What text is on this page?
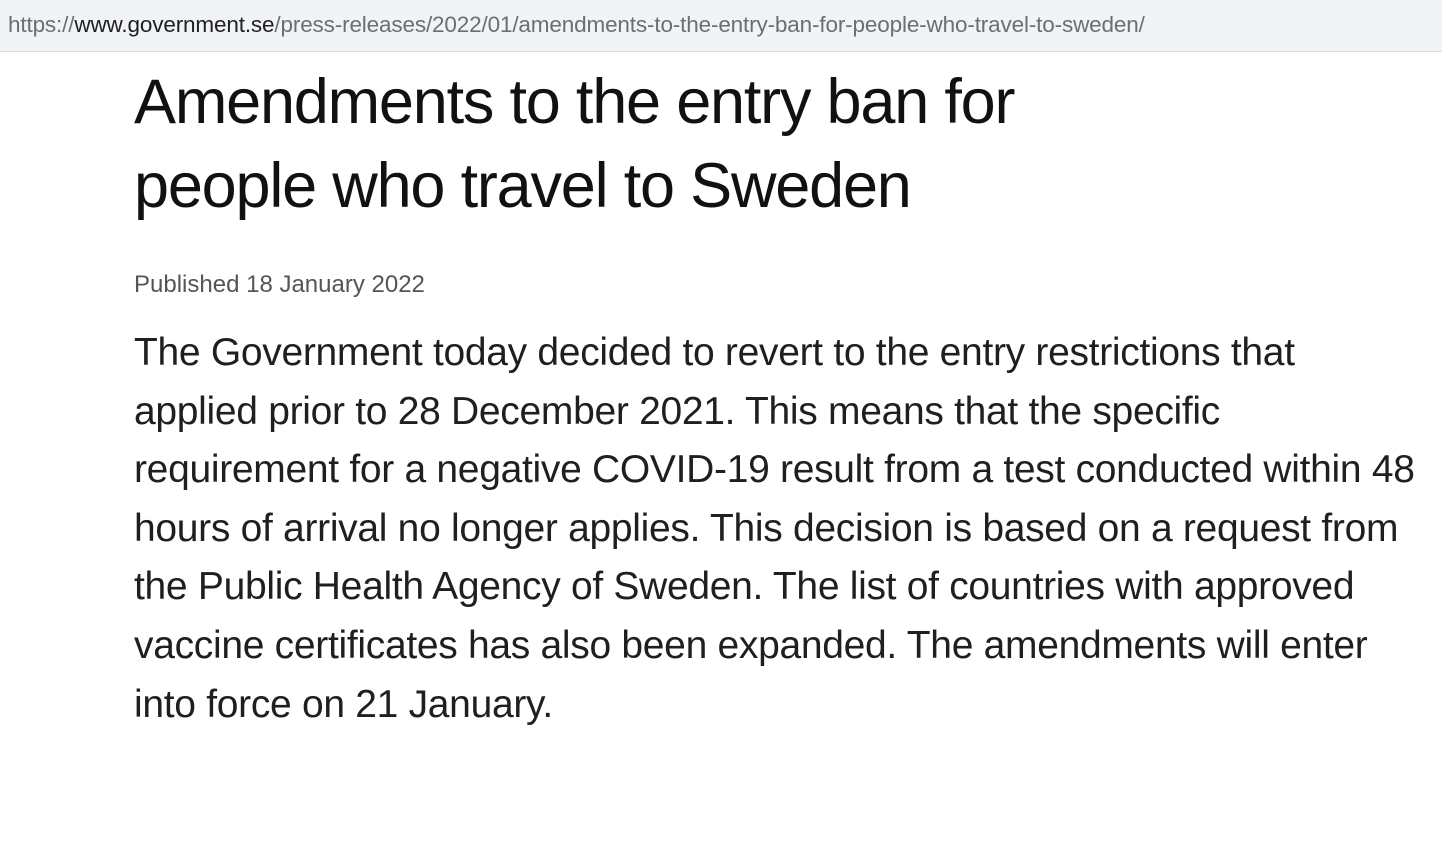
https://www.government.se/press-releases/2022/01/amendments-to-the-entry-ban-for-people-who-travel-to-sweden/
Amendments to the entry ban for
people who travel to Sweden
Published 18 January 2022

The Government today decided to revert to the entry restrictions that applied prior to 28 December 2021. This means that the specific requirement for a negative COVID-19 result from a test conducted within 48 hours of arrival no longer applies. This decision is based on a request from the Public Health Agency of Sweden. The list of countries with approved vaccine certificates has also been expanded. The amendments will enter into force on 21 January.
